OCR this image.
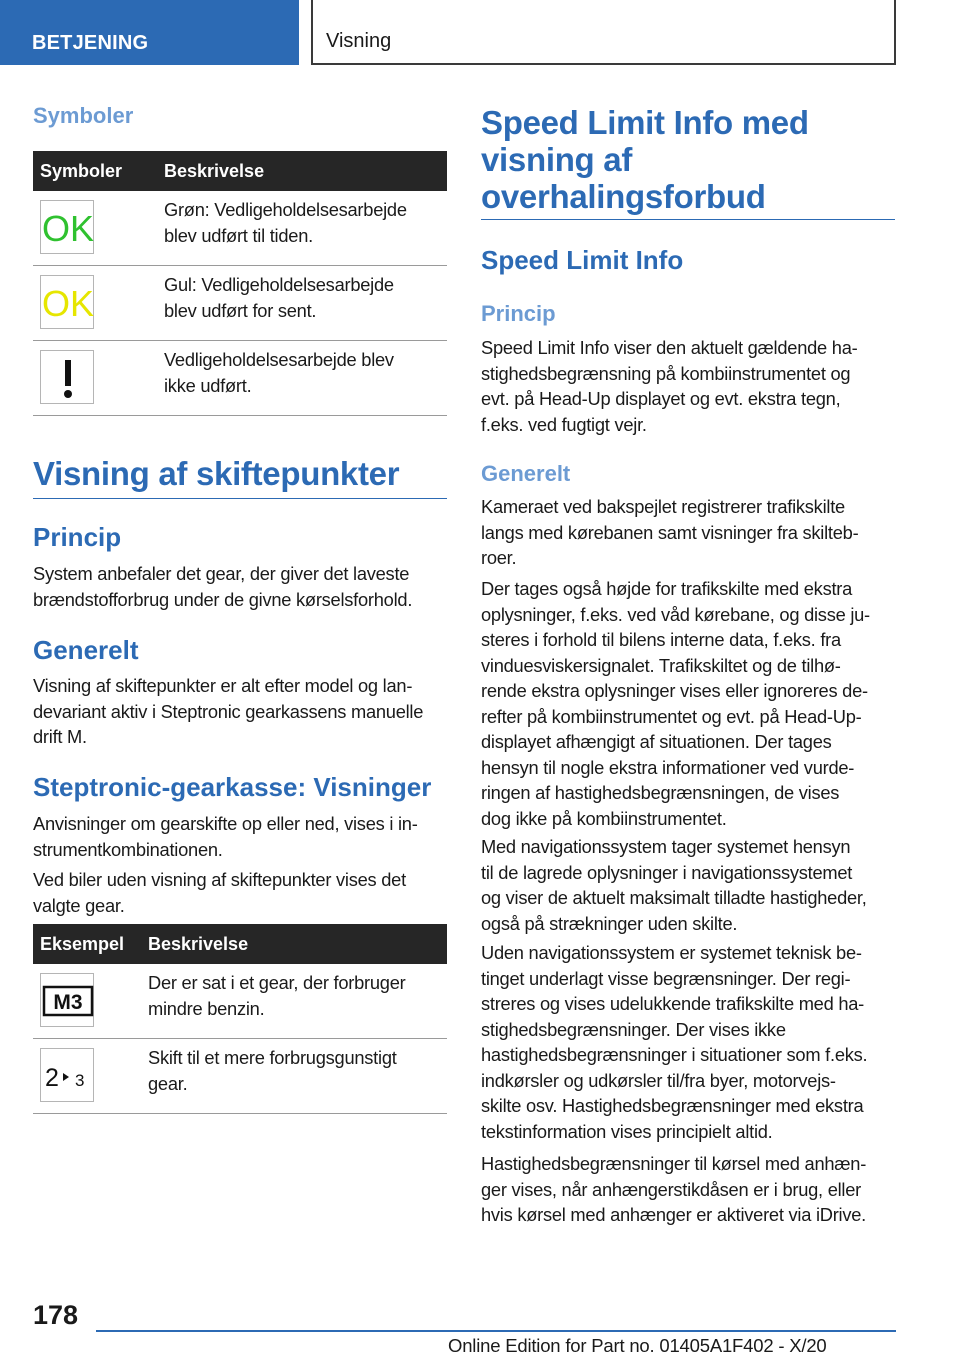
BETJENING	Visning
Symboler
Symboler Beskrivelse
OK	Grøn: Vedligeholdelsesarbejde
blev udført til tiden.
OK	Gul: Vedligeholdelsesarbejde
blev udført for sent.
Vedligeholdelsesarbejde blev
ikke udført.
Visning af skiftepunkter
Princip

System anbefaler det gear, der giver det laveste
brændstofforbrug under de givne kørselsforhold.

Generelt

Visning af skiftepunkter er alt efter model og lan‐
devariant aktiv i Steptronic gearkassens manuelle
drift M.

Steptronic-gearkasse: Visninger

Anvisninger om gearskifte op eller ned, vises i in‐
strumentkombinationen.

Ved biler uden visning af skiftepunkter vises det
valgte gear.

Eksempel Beskrivelse
M3
Der er sat i et gear, der forbruger
mindre benzin.
2 3
Skift til et mere forbrugsgunstigt
gear.
Speed Limit Info med
visning af
overhalingsforbud
Speed Limit Info
Princip

Speed Limit Info viser den aktuelt gældende ha‐
stighedsbegrænsning på kombiinstrumentet og
evt. på Head-Up displayet og evt. ekstra tegn,
f.eks. ved fugtigt vejr.

Generelt

Kameraet ved bakspejlet registrerer trafikskilte
langs med kørebanen samt visninger fra skilteb‐
roer.

Der tages også højde for trafikskilte med ekstra
oplysninger, f.eks. ved våd kørebane, og disse ju‐
steres i forhold til bilens interne data, f.eks. fra
vinduesviskersignalet. Trafikskiltet og de tilhø‐
rende ekstra oplysninger vises eller ignoreres de‐
refter på kombiinstrumentet og evt. på Head-Up-
displayet afhængigt af situationen. Der tages
hensyn til nogle ekstra informationer ved vurde‐
ringen af hastighedsbegrænsningen, de vises
dog ikke på kombiinstrumentet.

Med navigationssystem tager systemet hensyn
til de lagrede oplysninger i navigationssystemet
og viser de aktuelt maksimalt tilladte hastigheder,
også på strækninger uden skilte.

Uden navigationssystem er systemet teknisk be‐
tinget underlagt visse begrænsninger. Der regi‐
streres og vises udelukkende trafikskilte med ha‐
stighedsbegrænsninger. Der vises ikke
hastighedsbegrænsninger i situationer som f.eks.
indkørsler og udkørsler til/fra byer, motorvejs‐
skilte osv. Hastighedsbegrænsninger med ekstra
tekstinformation vises principielt altid.

Hastighedsbegrænsninger til kørsel med anhæn‐
ger vises, når anhængerstikdåsen er i brug, eller
hvis kørsel med anhænger er aktiveret via iDrive.

178
Online Edition for Part no. 01405A1F402 - X/20
